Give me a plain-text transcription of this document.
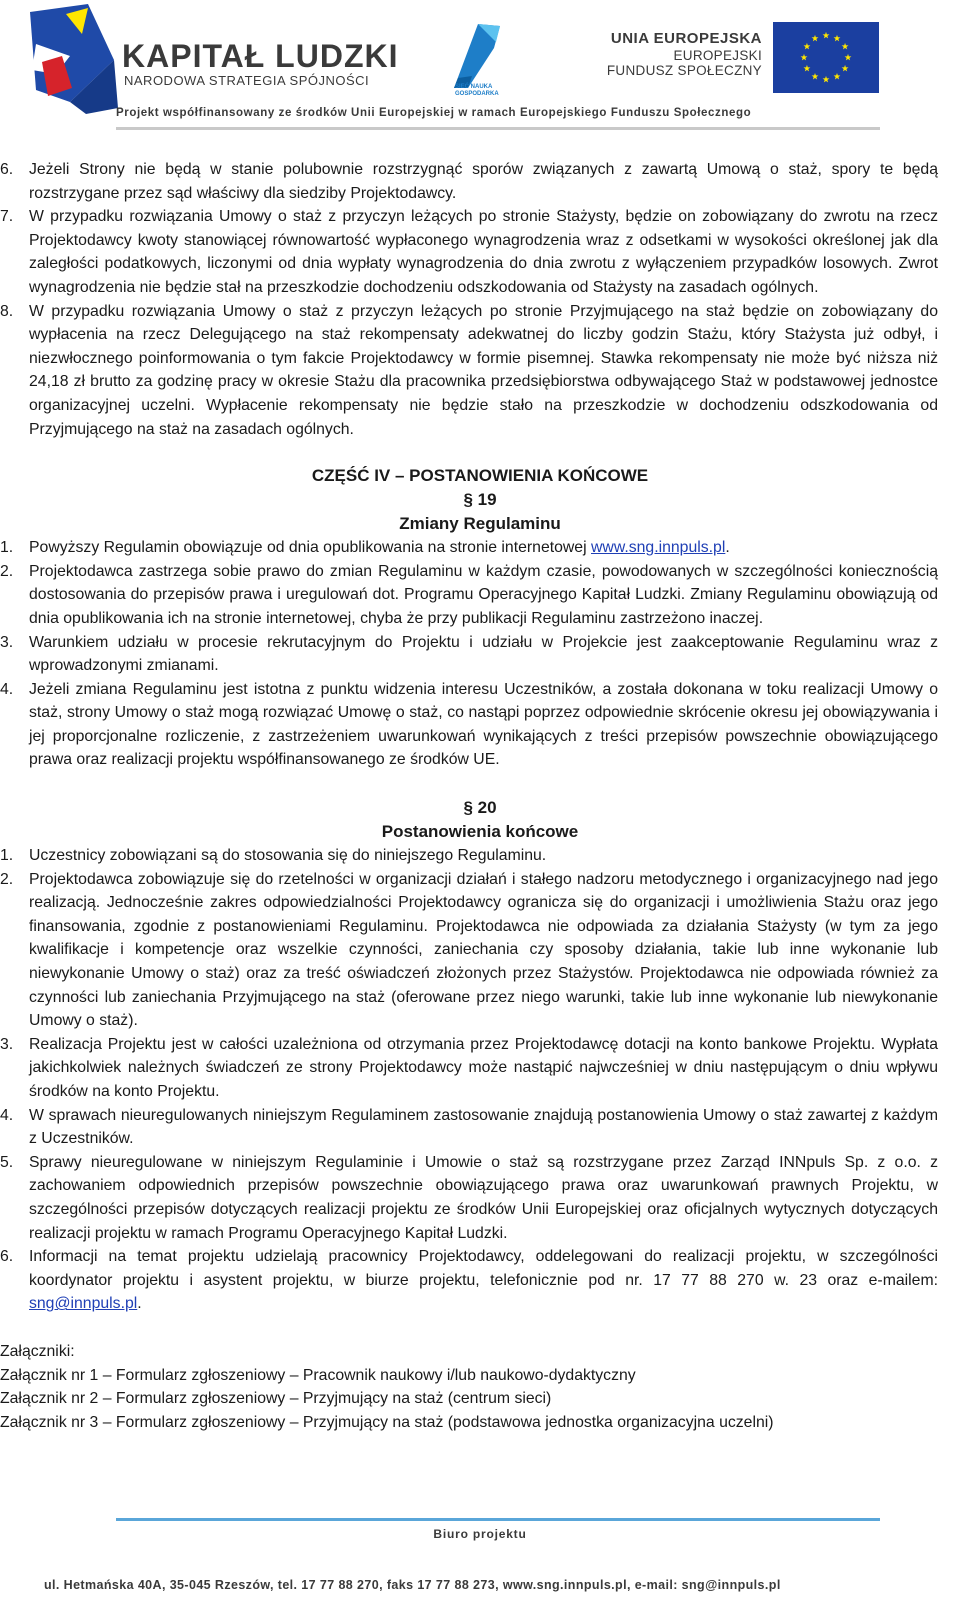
KAPITAŁ LUDZKI
NARODOWA STRATEGIA SPÓJNOŚCI	SIEĆ NAUKA
GOSPODARKA
UNIA EUROPEJSKA
EUROPEJSKI
FUNDUSZ SPOŁECZNY
Projekt współfinansowany ze środków Unii Europejskiej w ramach Europejskiego Funduszu Społecznego
6. Jeżeli Strony nie będą w stanie polubownie rozstrzygnąć sporów związanych z zawartą Umową o staż, spory te będą rozstrzygane przez sąd właściwy dla siedziby Projektodawcy.
7. W przypadku rozwiązania Umowy o staż z przyczyn leżących po stronie Stażysty, będzie on zobowiązany do zwrotu na rzecz Projektodawcy kwoty stanowiącej równowartość wypłaconego wynagrodzenia wraz z odsetkami w wysokości określonej jak dla zaległości podatkowych, liczonymi od dnia wypłaty wynagrodzenia do dnia zwrotu z wyłączeniem przypadków losowych. Zwrot wynagrodzenia nie będzie stał na przeszkodzie dochodzeniu odszkodowania od Stażysty na zasadach ogólnych.
8. W przypadku rozwiązania Umowy o staż z przyczyn leżących po stronie Przyjmującego na staż będzie on zobowiązany do wypłacenia na rzecz Delegującego na staż rekompensaty adekwatnej do liczby godzin Stażu, który Stażysta już odbył, i niezwłocznego poinformowania o tym fakcie Projektodawcy w formie pisemnej. Stawka rekompensaty nie może być niższa niż 24,18 zł brutto za godzinę pracy w okresie Stażu dla pracownika przedsiębiorstwa odbywającego Staż w podstawowej jednostce organizacyjnej uczelni. Wypłacenie rekompensaty nie będzie stało na przeszkodzie w dochodzeniu odszkodowania od Przyjmującego na staż na zasadach ogólnych.
CZĘŚĆ IV – POSTANOWIENIA KOŃCOWE
§ 19
Zmiany Regulaminu
1. Powyższy Regulamin obowiązuje od dnia opublikowania na stronie internetowej www.sng.innpuls.pl.
2. Projektodawca zastrzega sobie prawo do zmian Regulaminu w każdym czasie, powodowanych w szczególności koniecznością dostosowania do przepisów prawa i uregulowań dot. Programu Operacyjnego Kapitał Ludzki. Zmiany Regulaminu obowiązują od dnia opublikowania ich na stronie internetowej, chyba że przy publikacji Regulaminu zastrzeżono inaczej.
3. Warunkiem udziału w procesie rekrutacyjnym do Projektu i udziału w Projekcie jest zaakceptowanie Regulaminu wraz z wprowadzonymi zmianami.
4. Jeżeli zmiana Regulaminu jest istotna z punktu widzenia interesu Uczestników, a została dokonana w toku realizacji Umowy o staż, strony Umowy o staż mogą rozwiązać Umowę o staż, co nastąpi poprzez odpowiednie skrócenie okresu jej obowiązywania i jej proporcjonalne rozliczenie, z zastrzeżeniem uwarunkowań wynikających z treści przepisów powszechnie obowiązującego prawa oraz realizacji projektu współfinansowanego ze środków UE.
§ 20
Postanowienia końcowe
1. Uczestnicy zobowiązani są do stosowania się do niniejszego Regulaminu.
2. Projektodawca zobowiązuje się do rzetelności w organizacji działań i stałego nadzoru metodycznego i organizacyjnego nad jego realizacją. Jednocześnie zakres odpowiedzialności Projektodawcy ogranicza się do organizacji i umożliwienia Stażu oraz jego finansowania, zgodnie z postanowieniami Regulaminu. Projektodawca nie odpowiada za działania Stażysty (w tym za jego kwalifikacje i kompetencje oraz wszelkie czynności, zaniechania czy sposoby działania, takie lub inne wykonanie lub niewykonanie Umowy o staż) oraz za treść oświadczeń złożonych przez Stażystów. Projektodawca nie odpowiada również za czynności lub zaniechania Przyjmującego na staż (oferowane przez niego warunki, takie lub inne wykonanie lub niewykonanie Umowy o staż).
3. Realizacja Projektu jest w całości uzależniona od otrzymania przez Projektodawcę dotacji na konto bankowe Projektu. Wypłata jakichkolwiek należnych świadczeń ze strony Projektodawcy może nastąpić najwcześniej w dniu następującym o dniu wpływu środków na konto Projektu.
4. W sprawach nieuregulowanych niniejszym Regulaminem zastosowanie znajdują postanowienia Umowy o staż zawartej z każdym z Uczestników.
5. Sprawy nieuregulowane w niniejszym Regulaminie i Umowie o staż są rozstrzygane przez Zarząd INNpuls Sp. z o.o. z zachowaniem odpowiednich przepisów powszechnie obowiązującego prawa oraz uwarunkowań prawnych Projektu, w szczególności przepisów dotyczących realizacji projektu ze środków Unii Europejskiej oraz oficjalnych wytycznych dotyczących realizacji projektu w ramach Programu Operacyjnego Kapitał Ludzki.
6. Informacji na temat projektu udzielają pracownicy Projektodawcy, oddelegowani do realizacji projektu, w szczególności koordynator projektu i asystent projektu, w biurze projektu, telefonicznie pod nr. 17 77 88 270 w. 23 oraz e-mailem: sng@innpuls.pl.
Załączniki:
Załącznik nr 1 – Formularz zgłoszeniowy – Pracownik naukowy i/lub naukowo-dydaktyczny
Załącznik nr 2 – Formularz zgłoszeniowy – Przyjmujący na staż (centrum sieci)
Załącznik nr 3 – Formularz zgłoszeniowy – Przyjmujący na staż (podstawowa jednostka organizacyjna uczelni)
Biuro projektu
ul. Hetmańska 40A, 35-045 Rzeszów, tel. 17 77 88 270, faks 17 77 88 273, www.sng.innpuls.pl, e-mail: sng@innpuls.pl
